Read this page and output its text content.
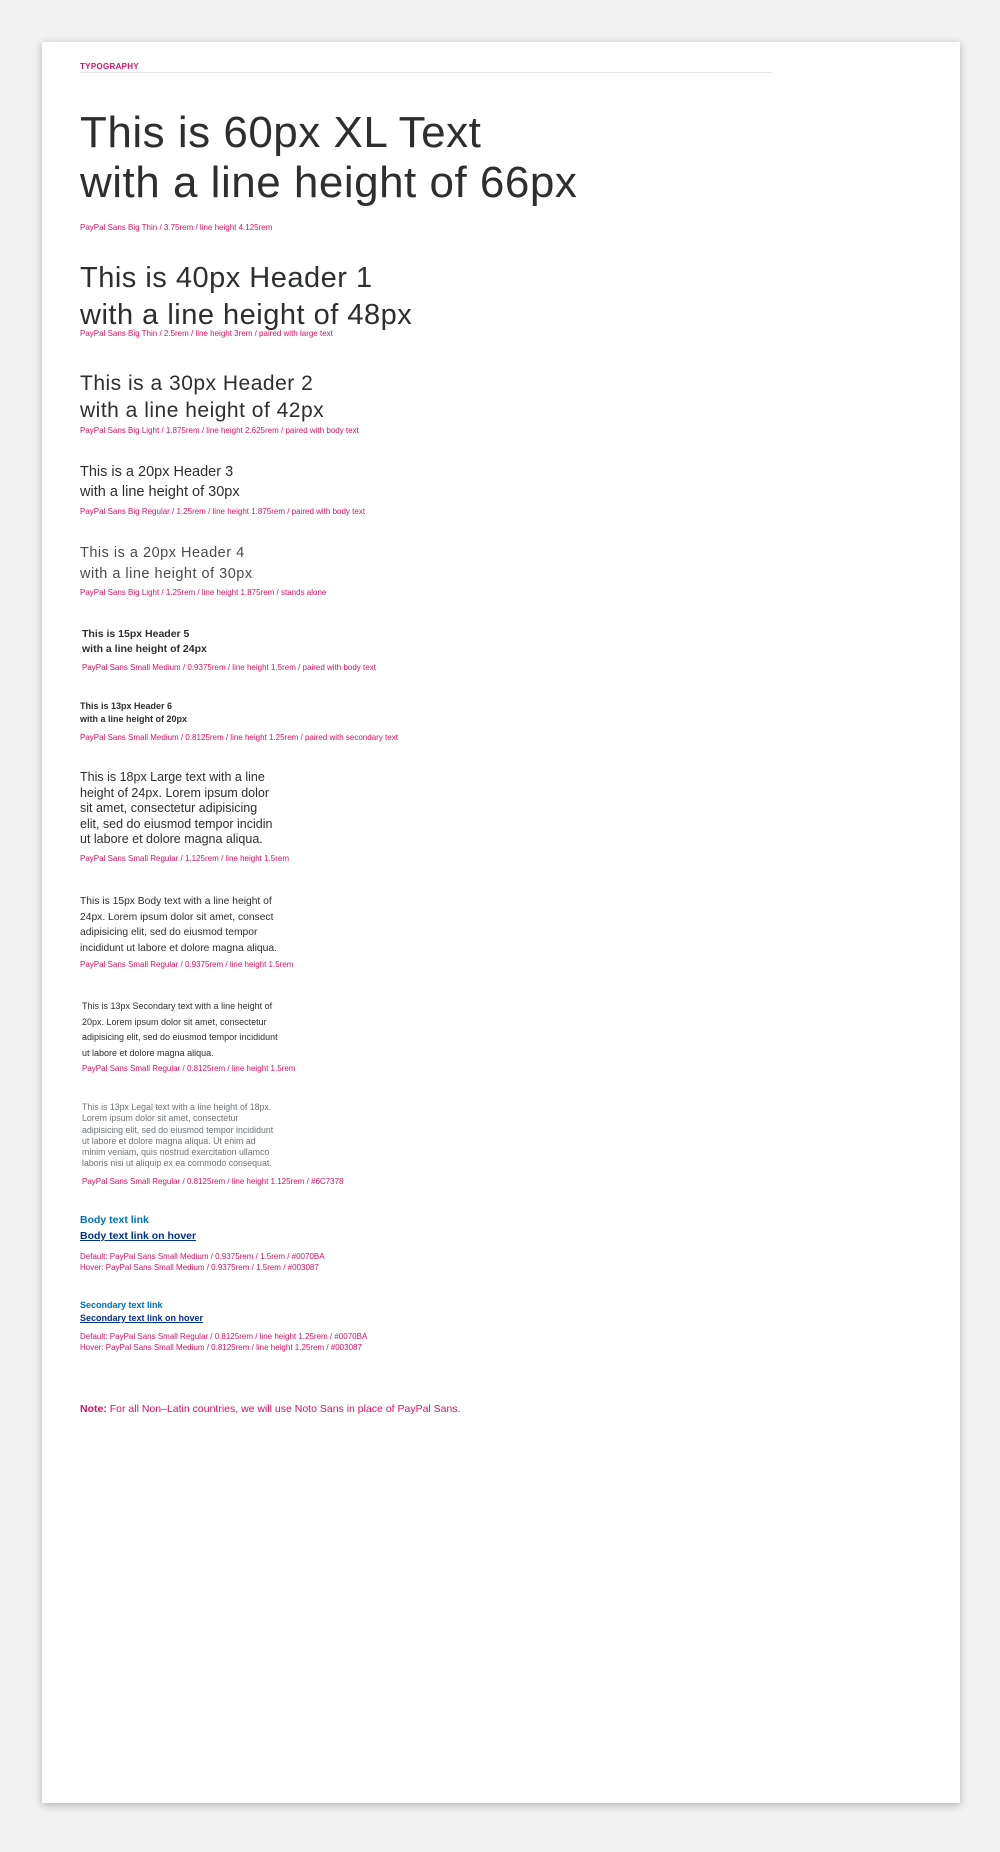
TYPOGRAPHY
This is 60px XL Text
with a line height of 66px
PayPal Sans Big Thin / 3.75rem / line height 4.125rem
This is 40px Header 1
with a line height of 48px
PayPal Sans Big Thin / 2.5rem / line height 3rem / paired with large text
This is a 30px Header 2
with a line height of 42px
PayPal Sans Big Light / 1.875rem / line height 2.625rem / paired with body text
This is a 20px Header 3
with a line height of 30px
PayPal Sans Big Regular / 1.25rem / line height 1.875rem / paired with body text
This is a 20px Header 4
with a line height of 30px
PayPal Sans Big Light / 1.25rem / line height 1.875rem / stands alone
This is 15px Header 5
with a line height of 24px
PayPal Sans Small Medium / 0.9375rem / line height 1.5rem / paired with body text
This is 13px Header 6
with a line height of 20px
PayPal Sans Small Medium / 0.8125rem / line height 1.25rem / paired with secondary text
This is 18px Large text with a line
height of 24px. Lorem ipsum dolor
sit amet, consectetur adipisicing
elit, sed do eiusmod tempor incidin
ut labore et dolore magna aliqua.
PayPal Sans Small Regular / 1.125rem / line height 1.5rem
This is 15px Body text with a line height of
24px. Lorem ipsum dolor sit amet, consect
adipisicing elit, sed do eiusmod tempor
incididunt ut labore et dolore magna aliqua.
PayPal Sans Small Regular / 0.9375rem / line height 1.5rem
This is 13px Secondary text with a line height of
20px. Lorem ipsum dolor sit amet, consectetur
adipisicing elit, sed do eiusmod tempor incididunt
ut labore et dolore magna aliqua.
PayPal Sans Small Regular / 0.8125rem / line height 1.5rem
This is 13px Legal text with a line height of 18px.
Lorem ipsum dolor sit amet, consectetur
adipisicing elit, sed do eiusmod tempor incididunt
ut labore et dolore magna aliqua. Ut enim ad
minim veniam, quis nostrud exercitation ullamco
laboris nisi ut aliquip ex ea commodo consequat.
PayPal Sans Small Regular / 0.8125rem / line height 1.125rem / #6C7378
Body text link
Body text link on hover
Default: PayPal Sans Small Medium / 0.9375rem / 1.5rem / #0070BA
Hover: PayPal Sans Small Medium / 0.9375rem / 1.5rem / #003087
Secondary text link
Secondary text link on hover
Default: PayPal Sans Small Regular / 0.8125rem / line height 1.25rem / #0070BA
Hover: PayPal Sans Small Medium / 0.8125rem / line height 1.25rem / #003087
Note: For all Non–Latin countries, we will use Noto Sans in place of PayPal Sans.
